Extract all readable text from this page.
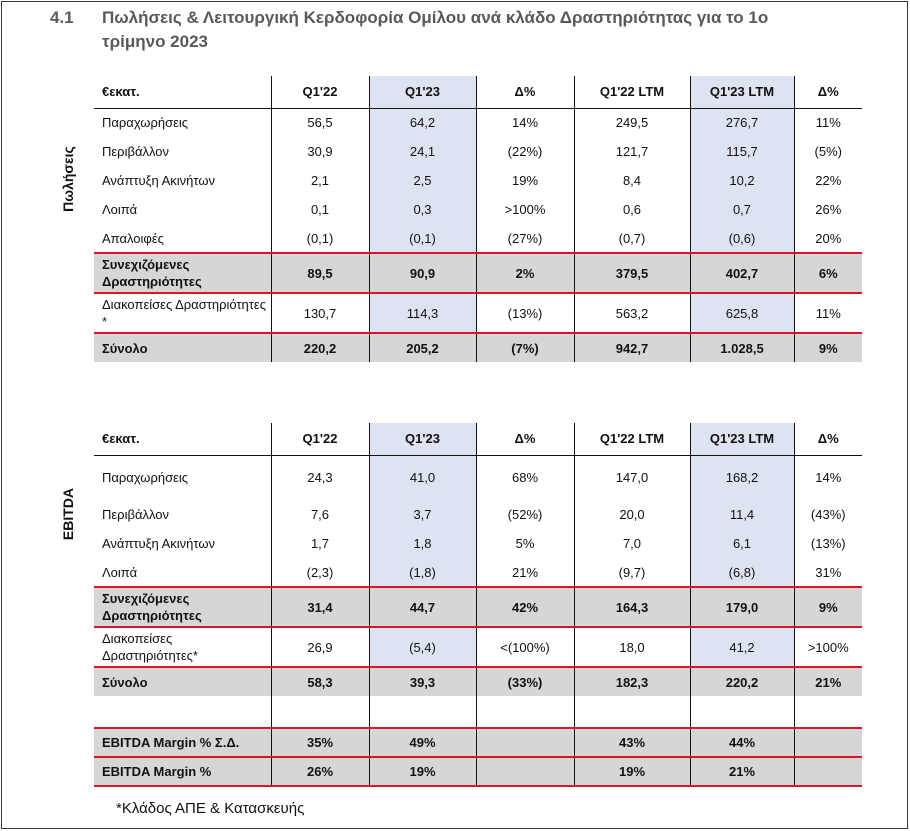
4.1 Πωλήσεις & Λειτουργική Κερδοφορία Ομίλου ανά κλάδο Δραστηριότητας για το 1ο τρίμηνο 2023
Πωλήσεις
€εκατ.	Q1'22	Q1'23	Δ%	Q1'22 LTM	Q1'23 LTM	Δ%
Παραχωρήσεις	56,5	64,2	14%	249,5	276,7	11%
Περιβάλλον	30,9	24,1	(22%)	121,7	115,7	(5%)
Ανάπτυξη Ακινήτων	2,1	2,5	19%	8,4	10,2	22%
Λοιπά	0,1	0,3	>100%	0,6	0,7	26%
Απαλοιφές	(0,1)	(0,1)	(27%)	(0,7)	(0,6)	20%
Συνεχιζόμενες Δραστηριότητες	89,5	90,9	2%	379,5	402,7	6%
Διακοπείσες Δραστηριότητες *	130,7	114,3	(13%)	563,2	625,8	11%
Σύνολο	220,2	205,2	(7%)	942,7	1.028,5	9%
EBITDA
€εκατ.	Q1'22	Q1'23	Δ%	Q1'22 LTM	Q1'23 LTM	Δ%
Παραχωρήσεις	24,3	41,0	68%	147,0	168,2	14%
Περιβάλλον	7,6	3,7	(52%)	20,0	11,4	(43%)
Ανάπτυξη Ακινήτων	1,7	1,8	5%	7,0	6,1	(13%)
Λοιπά	(2,3)	(1,8)	21%	(9,7)	(6,8)	31%
Συνεχιζόμενες Δραστηριότητες	31,4	44,7	42%	164,3	179,0	9%
Διακοπείσες Δραστηριότητες*	26,9	(5,4)	<(100%)	18,0	41,2	>100%
Σύνολο	58,3	39,3	(33%)	182,3	220,2	21%

EBITDA Margin % Σ.Δ.	35%	49%		43%	44%	
EBITDA Margin %	26%	19%		19%	21%	
*Κλάδος ΑΠΕ & Κατασκευής
